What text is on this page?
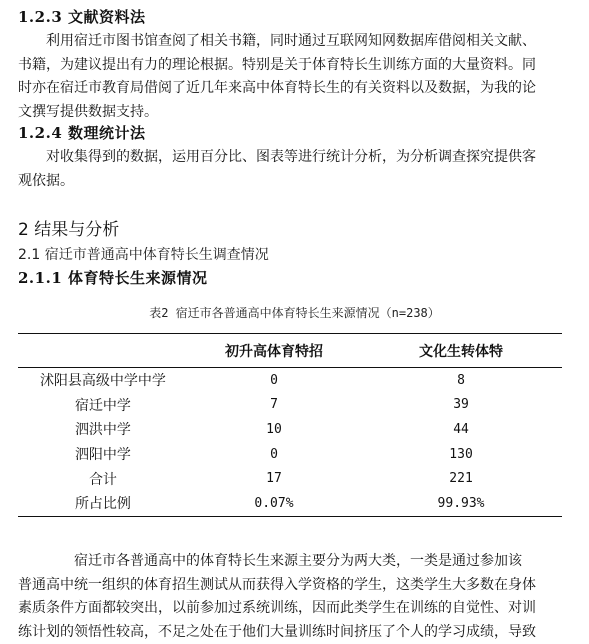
1.2.3 文献资料法
利用宿迁市图书馆查阅了相关书籍，同时通过互联网知网数据库借阅相关文献、
书籍，为建议提出有力的理论根据。特别是关于体育特长生训练方面的大量资料。同
时亦在宿迁市教育局借阅了近几年来高中体育特长生的有关资料以及数据，为我的论
文撰写提供数据支持。
1.2.4 数理统计法
对收集得到的数据，运用百分比、图表等进行统计分析，为分析调查探究提供客
观依据。
2 结果与分析
2.1 宿迁市普通高中体育特长生调查情况
2.1.1 体育特长生来源情况
表2 宿迁市各普通高中体育特长生来源情况（n=238）
	初升高体育特招	文化生转体特
沭阳县高级中学中学	0	8
宿迁中学	7	39
泗洪中学	10	44
泗阳中学	0	130
合计	17	221
所占比例	0.07%	99.93%
宿迁市各普通高中的体育特长生来源主要分为两大类，一类是通过参加该
普通高中统一组织的体育招生测试从而获得入学资格的学生，这类学生大多数在身体
素质条件方面都较突出，以前参加过系统训练，因而此类学生在训练的自觉性、对训
练计划的领悟性较高，不足之处在于他们大量训练时间挤压了个人的学习成绩，导致
